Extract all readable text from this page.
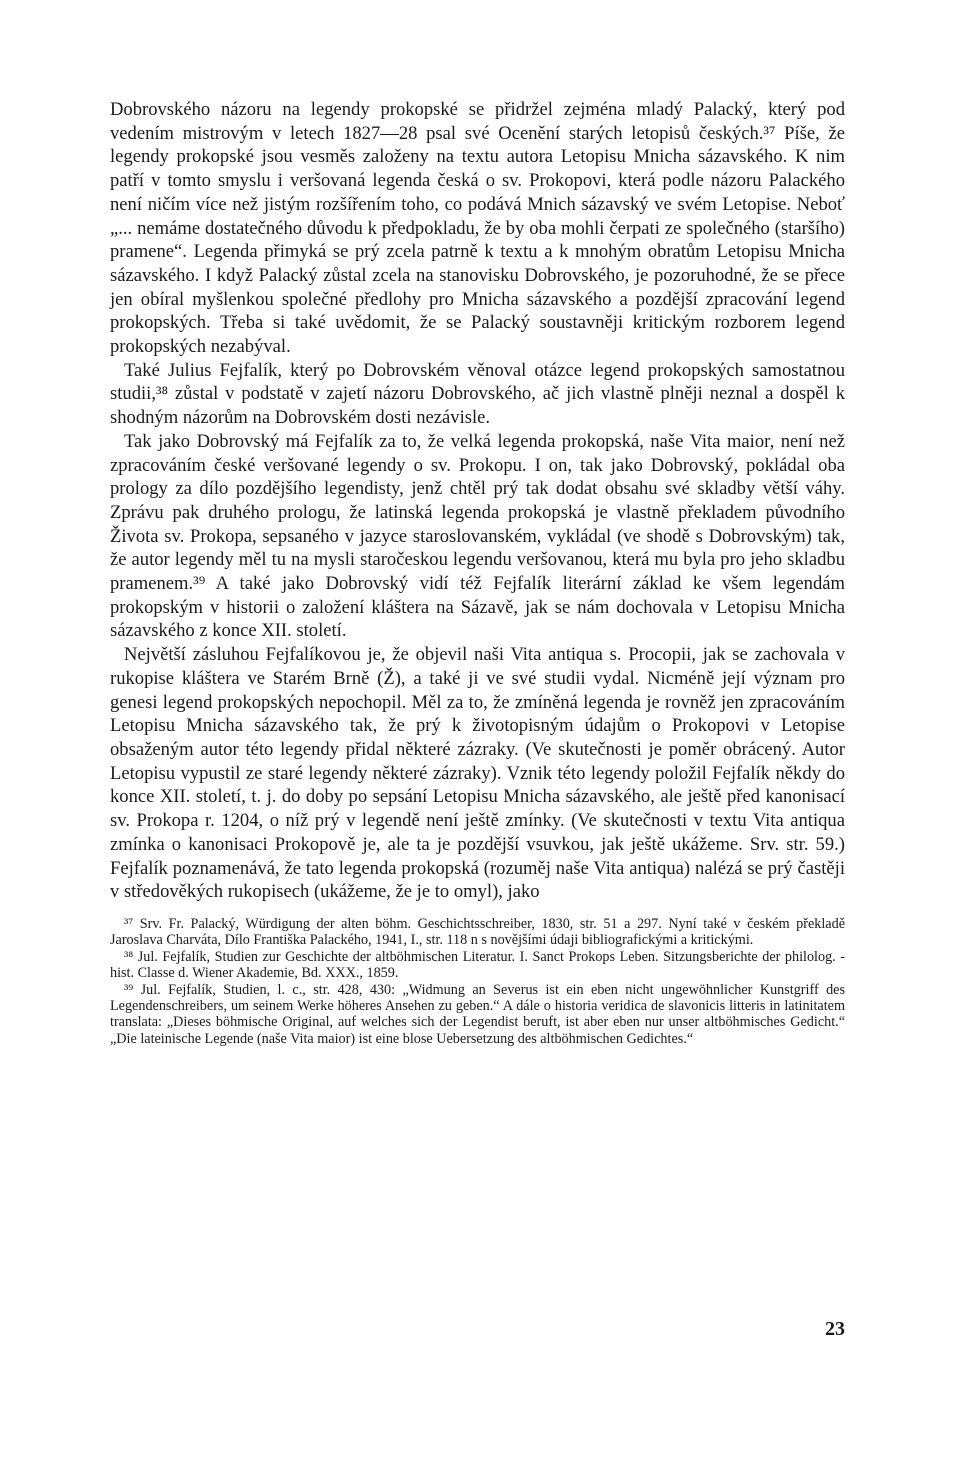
Dobrovského názoru na legendy prokopské se přidržel zejména mladý Palacký, který pod vedením mistrovým v letech 1827—28 psal své Ocenění starých letopisů českých.³⁷ Píše, že legendy prokopské jsou vesměs založeny na textu autora Letopisu Mnicha sázavského. K nim patří v tomto smyslu i veršovaná legenda česká o sv. Prokopovi, která podle názoru Palackého není ničím více než jistým rozšířením toho, co podává Mnich sázavský ve svém Letopise. Neboť „... nemáme dostatečného důvodu k předpokladu, že by oba mohli čerpati ze společného (staršího) pramene“. Legenda přimyká se prý zcela patrně k textu a k mnohým obratům Letopisu Mnicha sázavského. I když Palacký zůstal zcela na stanovisku Dobrovského, je pozoruhodné, že se přece jen obíral myšlenkou společné předlohy pro Mnicha sázavského a pozdější zpracování legend prokopských. Třeba si také uvědomit, že se Palacký soustavněji kritickým rozborem legend prokopských nezabýval.

Také Julius Fejfalík, který po Dobrovském věnoval otázce legend prokopských samostatnou studii,³⁸ zůstal v podstatě v zajetí názoru Dobrovského, ač jich vlastně plněji neznal a dospěl k shodným názorům na Dobrovském dosti nezávisle.

Tak jako Dobrovský má Fejfalík za to, že velká legenda prokopská, naše Vita maior, není než zpracováním české veršované legendy o sv. Prokopu. I on, tak jako Dobrovský, pokládal oba prology za dílo pozdějšího legendisty, jenž chtěl prý tak dodat obsahu své skladby větší váhy. Zprávu pak druhého prologu, že latinská legenda prokopská je vlastně překladem původního Života sv. Prokopa, sepsaného v jazyce staroslovanském, vykládal (ve shodě s Dobrovským) tak, že autor legendy měl tu na mysli staročeskou legendu veršovanou, která mu byla pro jeho skladbu pramenem.³⁹ A také jako Dobrovský vidí též Fejfalík literární základ ke všem legendám prokopským v historii o založení kláštera na Sázavě, jak se nám dochovala v Letopisu Mnicha sázavského z konce XII. století.

Největší zásluhou Fejfalíkovou je, že objevil naši Vita antiqua s. Procopii, jak se zachovala v rukopise kláštera ve Starém Brně (Ž), a také ji ve své studii vydal. Nicméně její význam pro genesi legend prokopských nepochopil. Měl za to, že zmíněná legenda je rovněž jen zpracováním Letopisu Mnicha sázavského tak, že prý k životopisným údajům o Prokopovi v Letopise obsaženým autor této legendy přidal některé zázraky. (Ve skutečnosti je poměr obrácený. Autor Letopisu vypustil ze staré legendy některé zázraky). Vznik této legendy položil Fejfalík někdy do konce XII. století, t. j. do doby po sepsání Letopisu Mnicha sázavského, ale ještě před kanonisací sv. Prokopa r. 1204, o níž prý v legendě není ještě zmínky. (Ve skutečnosti v textu Vita antiqua zmínka o kanonisaci Prokopově je, ale ta je pozdější vsuvkou, jak ještě ukážeme. Srv. str. 59.) Fejfalík poznamenává, že tato legenda prokopská (rozuměj naše Vita antiqua) nalézá se prý častěji v středověkých rukopisech (ukážeme, že je to omyl), jako

³⁷ Srv. Fr. Palacký, Würdigung der alten böhm. Geschichtsschreiber, 1830, str. 51 a 297. Nyní také v českém překladě Jaroslava Charváta, Dílo Františka Palackého, 1941, I., str. 118 n s novějšími údaji bibliografickými a kritickými.

³⁸ Jul. Fejfalík, Studien zur Geschichte der altböhmischen Literatur. I. Sanct Prokops Leben. Sitzungsberichte der philolog. - hist. Classe d. Wiener Akademie, Bd. XXX., 1859.

³⁹ Jul. Fejfalík, Studien, l. c., str. 428, 430: „Widmung an Severus ist ein eben nicht ungewöhnlicher Kunstgriff des Legendenschreibers, um seinem Werke höheres Ansehen zu geben.“ A dále o historia veridica de slavonicis litteris in latinitatem translata: „Dieses böhmische Original, auf welches sich der Legendist beruft, ist aber eben nur unser altböhmisches Gedicht.“ „Die lateinische Legende (naše Vita maior) ist eine blose Uebersetzung des altböhmischen Gedichtes.“

23
